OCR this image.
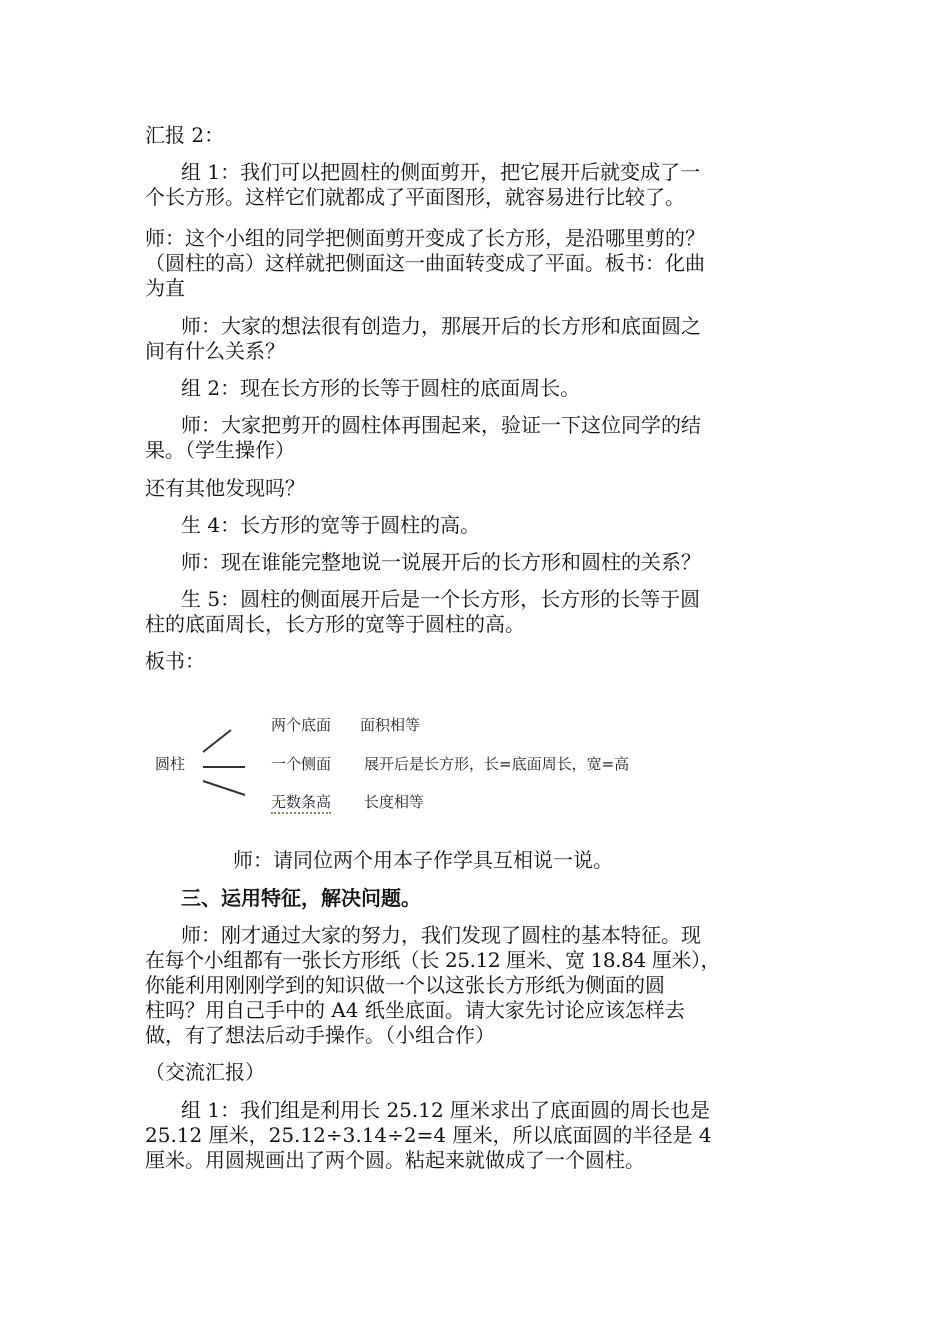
汇报 2：
组 1：我们可以把圆柱的侧面剪开，把它展开后就变成了一
个长方形。这样它们就都成了平面图形，就容易进行比较了。
师：这个小组的同学把侧面剪开变成了长方形，是沿哪里剪的？
（圆柱的高）这样就把侧面这一曲面转变成了平面。板书：化曲
为直
师：大家的想法很有创造力，那展开后的长方形和底面圆之
间有什么关系？
组 2：现在长方形的长等于圆柱的底面周长。
师：大家把剪开的圆柱体再围起来，验证一下这位同学的结
果。（学生操作）
还有其他发现吗？
生 4：长方形的宽等于圆柱的高。
师：现在谁能完整地说一说展开后的长方形和圆柱的关系？
生 5：圆柱的侧面展开后是一个长方形，长方形的长等于圆
柱的底面周长，长方形的宽等于圆柱的高。
板书：
圆柱
两个底面 面积相等
一个侧面 展开后是长方形，长=底面周长，宽=高
无数条高 长度相等
师：请同位两个用本子作学具互相说一说。
三、运用特征，解决问题。
师：刚才通过大家的努力，我们发现了圆柱的基本特征。现
在每个小组都有一张长方形纸（长 25.12 厘米、宽 18.84 厘米），
你能利用刚刚学到的知识做一个以这张长方形纸为侧面的圆
柱吗？用自己手中的 A4 纸坐底面。请大家先讨论应该怎样去
做，有了想法后动手操作。（小组合作）
（交流汇报）
组 1：我们组是利用长 25.12 厘米求出了底面圆的周长也是
25.12 厘米，25.12÷3.14÷2=4 厘米，所以底面圆的半径是 4
厘米。用圆规画出了两个圆。粘起来就做成了一个圆柱。
